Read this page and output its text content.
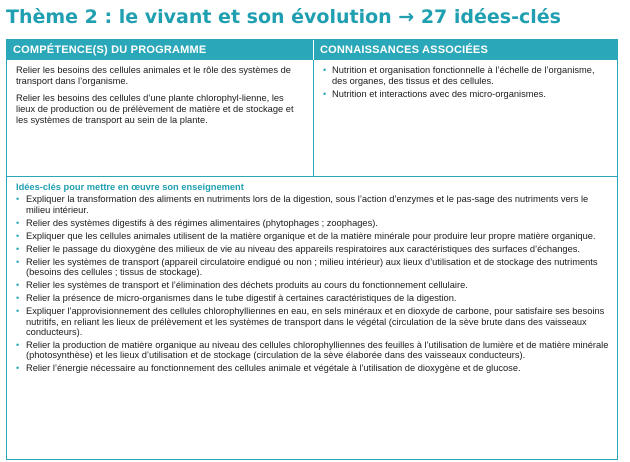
Thème 2 : le vivant et son évolution → 27 idées-clés
COMPÉTENCE(S) DU PROGRAMME	CONNAISSANCES ASSOCIÉES

Relier les besoins des cellules animales et le rôle des systèmes de transport dans l’organisme.

Relier les besoins des cellules d’une plante chlorophyl-lienne, les lieux de production ou de prélèvement de matière et de stockage et les systèmes de transport au sein de la plante.

• Nutrition et organisation fonctionnelle à l’échelle de l’organisme, des organes, des tissus et des cellules.
• Nutrition et interactions avec des micro-organismes.
Idées-clés pour mettre en œuvre son enseignement
• Expliquer la transformation des aliments en nutriments lors de la digestion, sous l’action d’enzymes et le pas-sage des nutriments vers le milieu intérieur.
• Relier des systèmes digestifs à des régimes alimentaires (phytophages ; zoophages).
• Expliquer que les cellules animales utilisent de la matière organique et de la matière minérale pour produire leur propre matière organique.
• Relier le passage du dioxygène des milieux de vie au niveau des appareils respiratoires aux caractéristiques des surfaces d’échanges.
• Relier les systèmes de transport (appareil circulatoire endigué ou non ; milieu intérieur) aux lieux d’utilisation et de stockage des nutriments (besoins des cellules ; tissus de stockage).
• Relier les systèmes de transport et l’élimination des déchets produits au cours du fonctionnement cellulaire.
• Relier la présence de micro-organismes dans le tube digestif à certaines caractéristiques de la digestion.
• Expliquer l’approvisionnement des cellules chlorophylliennes en eau, en sels minéraux et en dioxyde de carbone, pour satisfaire ses besoins nutritifs, en reliant les lieux de prélèvement et les systèmes de transport dans le végétal (circulation de la sève brute dans des vaisseaux conducteurs).
• Relier la production de matière organique au niveau des cellules chlorophylliennes des feuilles à l’utilisation de lumière et de matière minérale (photosynthèse) et les lieux d’utilisation et de stockage (circulation de la sève élaborée dans des vaisseaux conducteurs).
• Relier l’énergie nécessaire au fonctionnement des cellules animale et végétale à l’utilisation de dioxygène et de glucose.
